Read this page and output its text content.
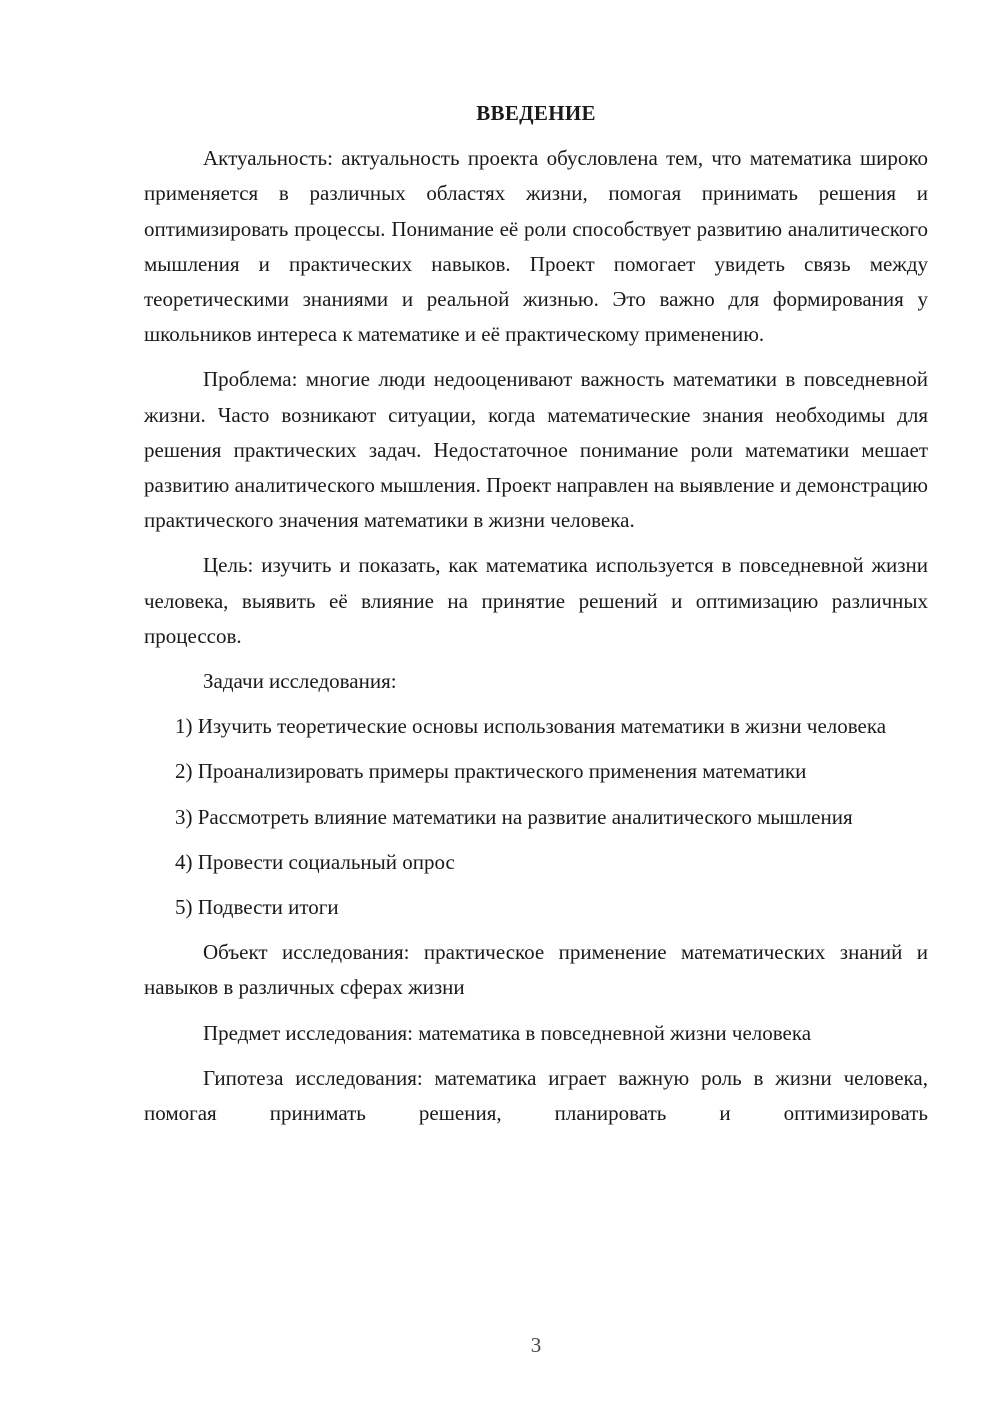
ВВЕДЕНИЕ

Актуальность: актуальность проекта обусловлена тем, что математика широко применяется в различных областях жизни, помогая принимать решения и оптимизировать процессы. Понимание её роли способствует развитию аналитического мышления и практических навыков. Проект помогает увидеть связь между теоретическими знаниями и реальной жизнью. Это важно для формирования у школьников интереса к математике и её практическому применению.

Проблема: многие люди недооценивают важность математики в повседневной жизни. Часто возникают ситуации, когда математические знания необходимы для решения практических задач. Недостаточное понимание роли математики мешает развитию аналитического мышления. Проект направлен на выявление и демонстрацию практического значения математики в жизни человека.

Цель: изучить и показать, как математика используется в повседневной жизни человека, выявить её влияние на принятие решений и оптимизацию различных процессов.

Задачи исследования:

1) Изучить теоретические основы использования математики в жизни человека

2) Проанализировать примеры практического применения математики

3) Рассмотреть влияние математики на развитие аналитического мышления

4) Провести социальный опрос

5) Подвести итоги

Объект исследования: практическое применение математических знаний и навыков в различных сферах жизни

Предмет исследования: математика в повседневной жизни человека

Гипотеза исследования: математика играет важную роль в жизни человека, помогая принимать решения, планировать и оптимизировать

3
